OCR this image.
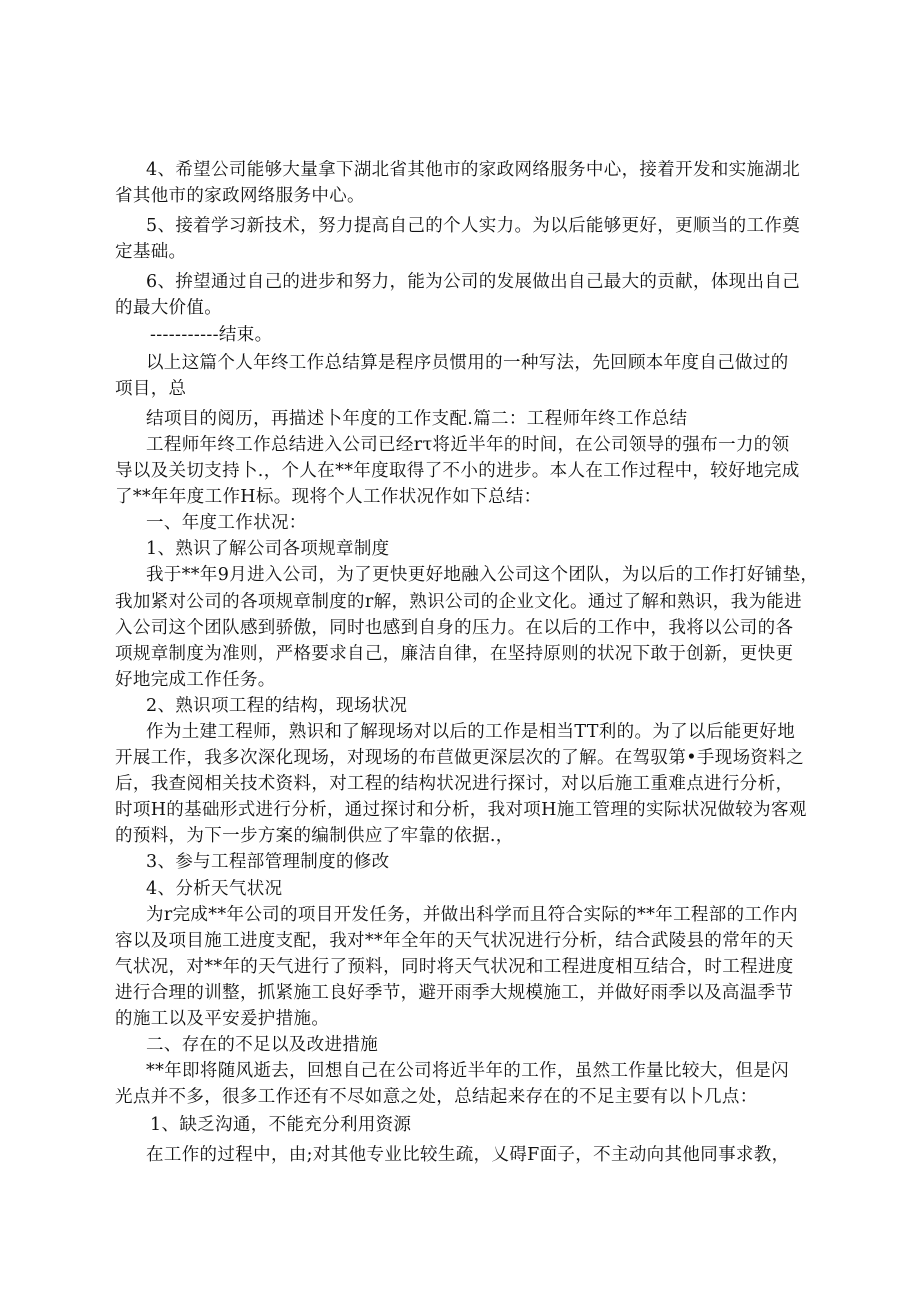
4、希望公司能够大量拿下湖北省其他市的家政网络服务中心，接着开发和实施湖北
省其他市的家政网络服务中心。
5、接着学习新技术，努力提高自己的个人实力。为以后能够更好，更顺当的工作奠
定基础。
6、拚望通过自己的进步和努力，能为公司的发展做出自己最大的贡献，体现出自己
的最大价值。
-----------结束。
以上这篇个人年终工作总结算是程序员惯用的一种写法，先回顾本年度自己做过的
项目，总
结项目的阅历，再描述卜年度的工作支配.篇二：工程师年终工作总结
工程师年终工作总结进入公司已经rτ将近半年的时间，在公司领导的强布一力的领
导以及关切支持卜.，个人在**年度取得了不小的进步。本人在工作过程中，较好地完成
了**年年度工作H标。现将个人工作状况作如下总结：
一、年度工作状况：
1、熟识了解公司各项规章制度
我于**年9月进入公司，为了更快更好地融入公司这个团队，为以后的工作打好铺垫，
我加紧对公司的各项规章制度的r解，熟识公司的企业文化。通过了解和熟识，我为能进
入公司这个团队感到骄傲，同时也感到自身的压力。在以后的工作中，我将以公司的各
项规章制度为准则，严格要求自己，廉洁自律，在坚持原则的状况下敢于创新，更快更
好地完成工作任务。
2、熟识项工程的结构，现场状况
作为土建工程师，熟识和了解现场对以后的工作是相当TT利的。为了以后能更好地
开展工作，我多次深化现场，对现场的布苣做更深层次的了解。在驾驭第•手现场资料之
后，我查阅相关技术资料，对工程的结构状况进行探讨，对以后施工重难点进行分析，
时项H的基础形式进行分析，通过探讨和分析，我对项H施工管理的实际状况做较为客观
的预料，为下一步方案的编制供应了牢靠的依据.，
3、参与工程部管理制度的修改
4、分析天气状况
为r完成**年公司的项目开发任务，并做出科学而且符合实际的**年工程部的工作内
容以及项目施工进度支配，我对**年全年的天气状况进行分析，结合武陵县的常年的天
气状况，对**年的天气进行了预料，同时将天气状况和工程进度相互结合，时工程进度
进行合理的训整，抓紧施工良好季节，避开雨季大规模施工，并做好雨季以及高温季节
的施工以及平安爰护措施。
二、存在的不足以及改进措施
**年即将随风逝去，回想自己在公司将近半年的工作，虽然工作量比较大，但是闪
光点并不多，很多工作还有不尽如意之处，总结起来存在的不足主要有以卜几点：
1、缺乏沟通，不能充分利用资源
在工作的过程中，由;对其他专业比较生疏，乂碍F面子，不主动向其他同事求教，
